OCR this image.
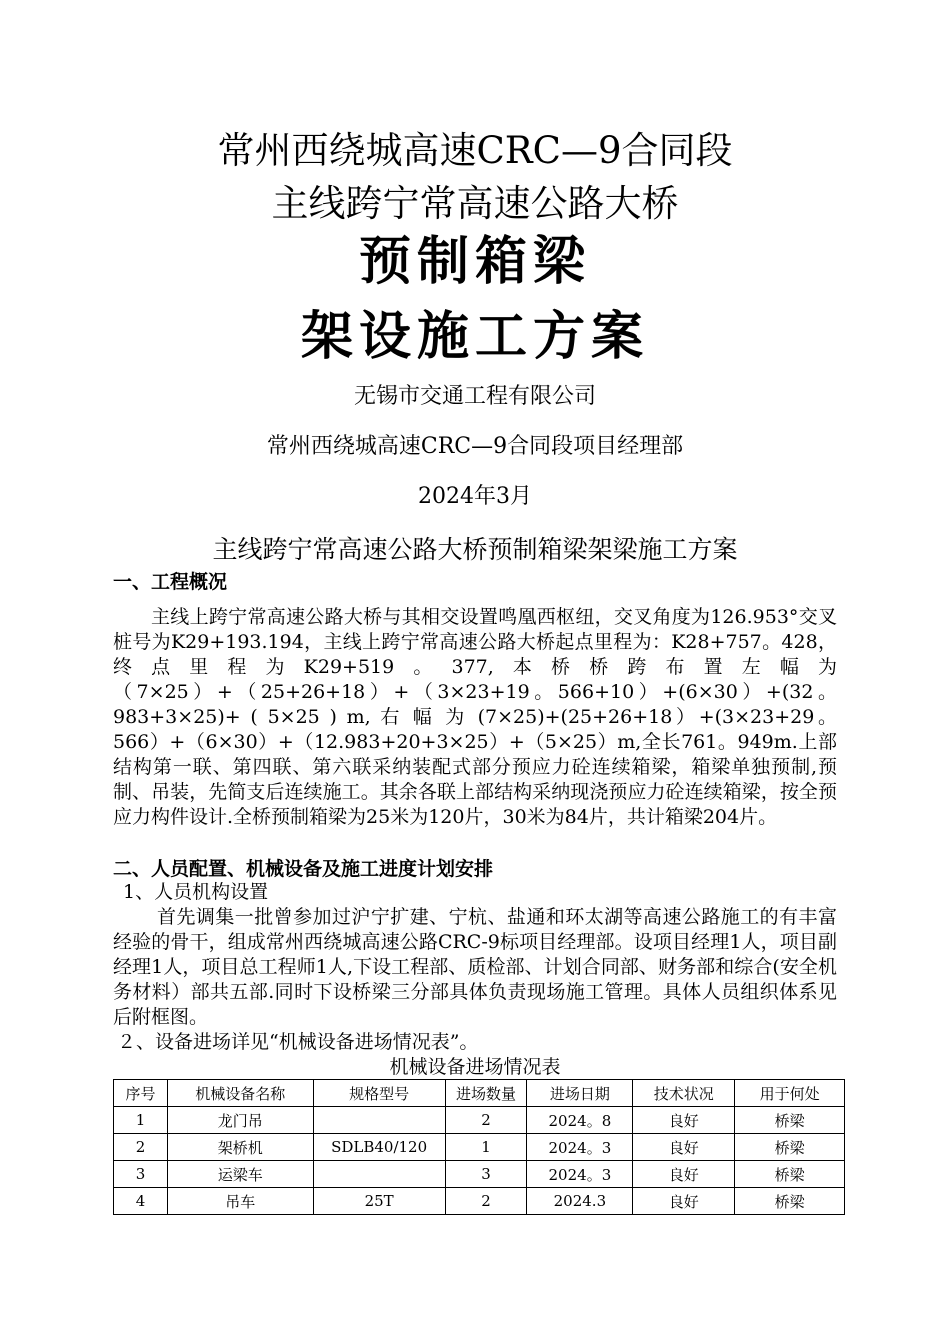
常州西绕城高速CRC—9合同段
主线跨宁常高速公路大桥
预制箱梁
架设施工方案
无锡市交通工程有限公司
常州西绕城高速CRC—9合同段项目经理部
2024年3月
主线跨宁常高速公路大桥预制箱梁架梁施工方案
一、工程概况
主线上跨宁常高速公路大桥与其相交设置鸣凰西枢纽，交叉角度为126.953°交叉桩号为K29+193.194，主线上跨宁常高速公路大桥起点里程为：K28+757。428，终点里程为K29+519。377,本桥桥跨布置左幅为（7×25）+（25+26+18）+（3×23+19。566+10）+(6×30）+(32。983+3×25)+ ( 5×25 ) m, 右 幅 为 (7×25)+(25+26+18）+(3×23+29。566）+（6×30）+（12.983+20+3×25）+（5×25）m,全长761。949m.上部结构第一联、第四联、第六联采纳装配式部分预应力砼连续箱梁，箱梁单独预制,预制、吊装，先简支后连续施工。其余各联上部结构采纳现浇预应力砼连续箱梁，按全预应力构件设计.全桥预制箱梁为25米为120片，30米为84片，共计箱梁204片。
二、人员配置、机械设备及施工进度计划安排
1、人员机构设置
首先调集一批曾参加过沪宁扩建、宁杭、盐通和环太湖等高速公路施工的有丰富经验的骨干，组成常州西绕城高速公路CRC-9标项目经理部。设项目经理1人，项目副经理1人，项目总工程师1人,下设工程部、质检部、计划合同部、财务部和综合(安全机务材料）部共五部.同时下设桥梁三分部具体负责现场施工管理。具体人员组织体系见后附框图。
２、设备进场详见“机械设备进场情况表”。
机械设备进场情况表
序号	机械设备名称	规格型号	进场数量	进场日期	技术状况	用于何处
1	龙门吊		2	2024。8	良好	桥梁
2	架桥机	SDLB40/120	1	2024。3	良好	桥梁
3	运梁车		3	2024。3	良好	桥梁
4	吊车	25T	2	2024.3	良好	桥梁
